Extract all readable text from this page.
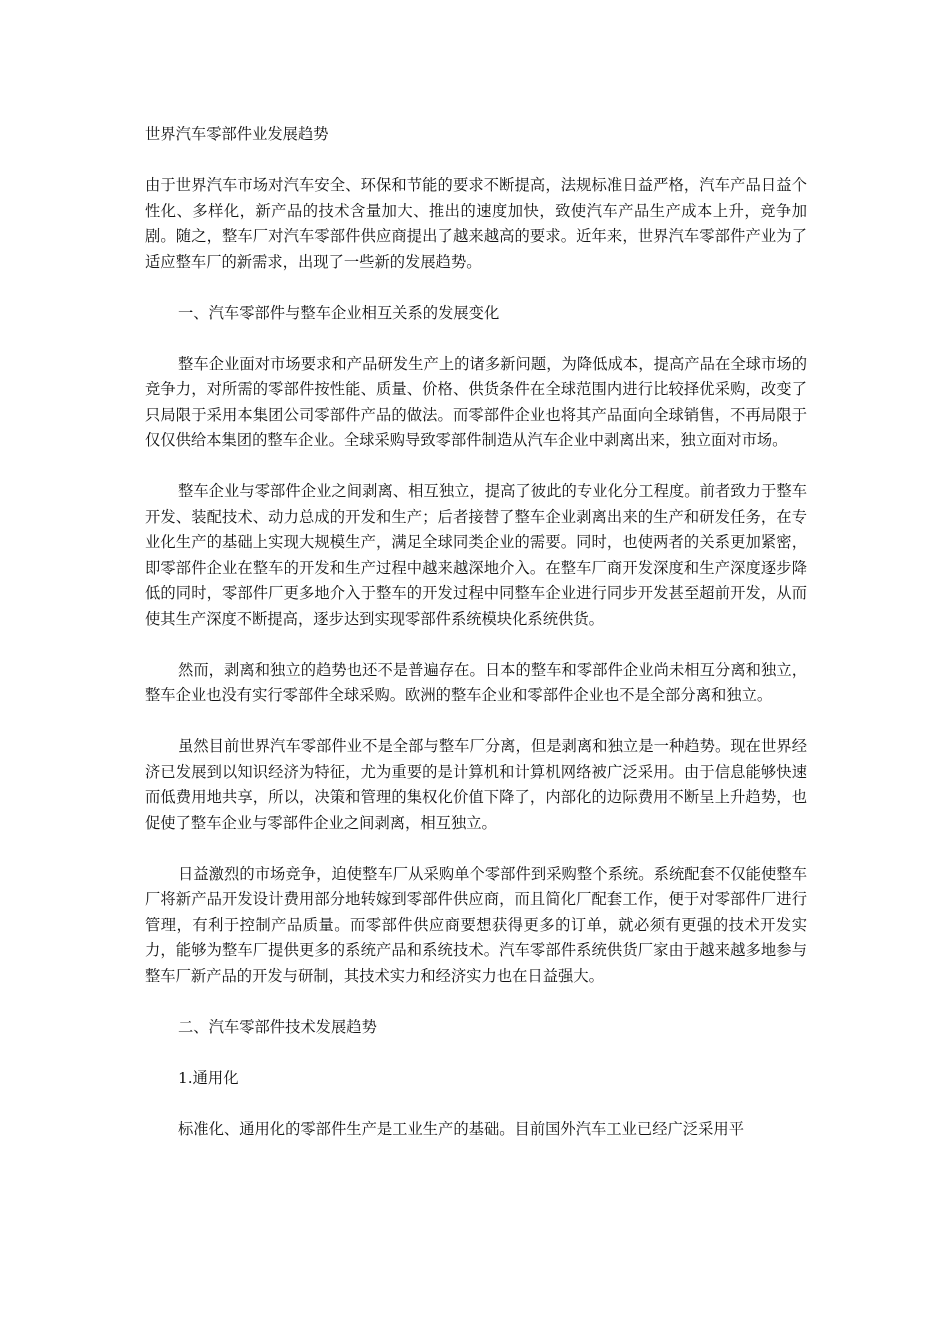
世界汽车零部件业发展趋势

由于世界汽车市场对汽车安全、环保和节能的要求不断提高，法规标准日益严格，汽车产品日益个性化、多样化，新产品的技术含量加大、推出的速度加快，致使汽车产品生产成本上升，竞争加剧。随之，整车厂对汽车零部件供应商提出了越来越高的要求。近年来，世界汽车零部件产业为了适应整车厂的新需求，出现了一些新的发展趋势。

一、汽车零部件与整车企业相互关系的发展变化

整车企业面对市场要求和产品研发生产上的诸多新问题，为降低成本，提高产品在全球市场的竞争力，对所需的零部件按性能、质量、价格、供货条件在全球范围内进行比较择优采购，改变了只局限于采用本集团公司零部件产品的做法。而零部件企业也将其产品面向全球销售，不再局限于仅仅供给本集团的整车企业。全球采购导致零部件制造从汽车企业中剥离出来，独立面对市场。

整车企业与零部件企业之间剥离、相互独立，提高了彼此的专业化分工程度。前者致力于整车开发、装配技术、动力总成的开发和生产；后者接替了整车企业剥离出来的生产和研发任务，在专业化生产的基础上实现大规模生产，满足全球同类企业的需要。同时，也使两者的关系更加紧密，即零部件企业在整车的开发和生产过程中越来越深地介入。在整车厂商开发深度和生产深度逐步降低的同时，零部件厂更多地介入于整车的开发过程中同整车企业进行同步开发甚至超前开发，从而使其生产深度不断提高，逐步达到实现零部件系统模块化系统供货。

然而，剥离和独立的趋势也还不是普遍存在。日本的整车和零部件企业尚未相互分离和独立，整车企业也没有实行零部件全球采购。欧洲的整车企业和零部件企业也不是全部分离和独立。

虽然目前世界汽车零部件业不是全部与整车厂分离，但是剥离和独立是一种趋势。现在世界经济已发展到以知识经济为特征，尤为重要的是计算机和计算机网络被广泛采用。由于信息能够快速而低费用地共享，所以，决策和管理的集权化价值下降了，内部化的边际费用不断呈上升趋势，也促使了整车企业与零部件企业之间剥离，相互独立。

日益激烈的市场竞争，迫使整车厂从采购单个零部件到采购整个系统。系统配套不仅能使整车厂将新产品开发设计费用部分地转嫁到零部件供应商，而且简化厂配套工作，便于对零部件厂进行管理，有利于控制产品质量。而零部件供应商要想获得更多的订单，就必须有更强的技术开发实力，能够为整车厂提供更多的系统产品和系统技术。汽车零部件系统供货厂家由于越来越多地参与整车厂新产品的开发与研制，其技术实力和经济实力也在日益强大。

二、汽车零部件技术发展趋势

1.通用化

标准化、通用化的零部件生产是工业生产的基础。目前国外汽车工业已经广泛采用平
